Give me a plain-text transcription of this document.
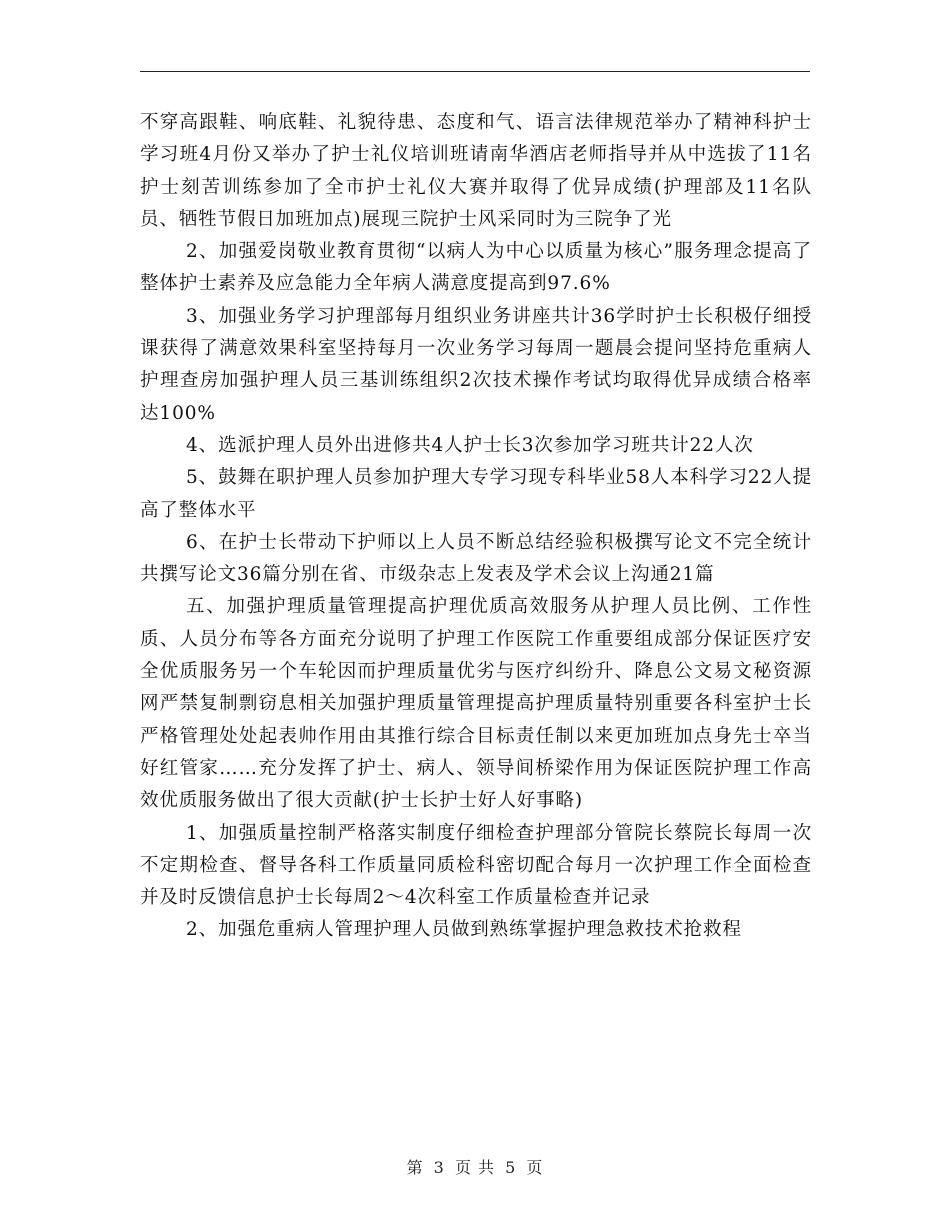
不穿高跟鞋、响底鞋、礼貌待患、态度和气、语言法律规范举办了精神科护士学习班4月份又举办了护士礼仪培训班请南华酒店老师指导并从中选拔了11名护士刻苦训练参加了全市护士礼仪大赛并取得了优异成绩(护理部及11名队员、牺牲节假日加班加点)展现三院护士风采同时为三院争了光

2、加强爱岗敬业教育贯彻“以病人为中心以质量为核心”服务理念提高了整体护士素养及应急能力全年病人满意度提高到97.6%

3、加强业务学习护理部每月组织业务讲座共计36学时护士长积极仔细授课获得了满意效果科室坚持每月一次业务学习每周一题晨会提问坚持危重病人护理查房加强护理人员三基训练组织2次技术操作考试均取得优异成绩合格率达100%

4、选派护理人员外出进修共4人护士长3次参加学习班共计22人次

5、鼓舞在职护理人员参加护理大专学习现专科毕业58人本科学习22人提高了整体水平

6、在护士长带动下护师以上人员不断总结经验积极撰写论文不完全统计共撰写论文36篇分别在省、市级杂志上发表及学术会议上沟通21篇

五、加强护理质量管理提高护理优质高效服务从护理人员比例、工作性质、人员分布等各方面充分说明了护理工作医院工作重要组成部分保证医疗安全优质服务另一个车轮因而护理质量优劣与医疗纠纷升、降息公文易文秘资源网严禁复制剽窃息相关加强护理质量管理提高护理质量特别重要各科室护士长严格管理处处起表帅作用由其推行综合目标责任制以来更加班加点身先士卒当好红管家……充分发挥了护士、病人、领导间桥梁作用为保证医院护理工作高效优质服务做出了很大贡献(护士长护士好人好事略)

1、加强质量控制严格落实制度仔细检查护理部分管院长蔡院长每周一次不定期检查、督导各科工作质量同质检科密切配合每月一次护理工作全面检查并及时反馈信息护士长每周2～4次科室工作质量检查并记录

2、加强危重病人管理护理人员做到熟练掌握护理急救技术抢救程

第 3 页 共 5 页
